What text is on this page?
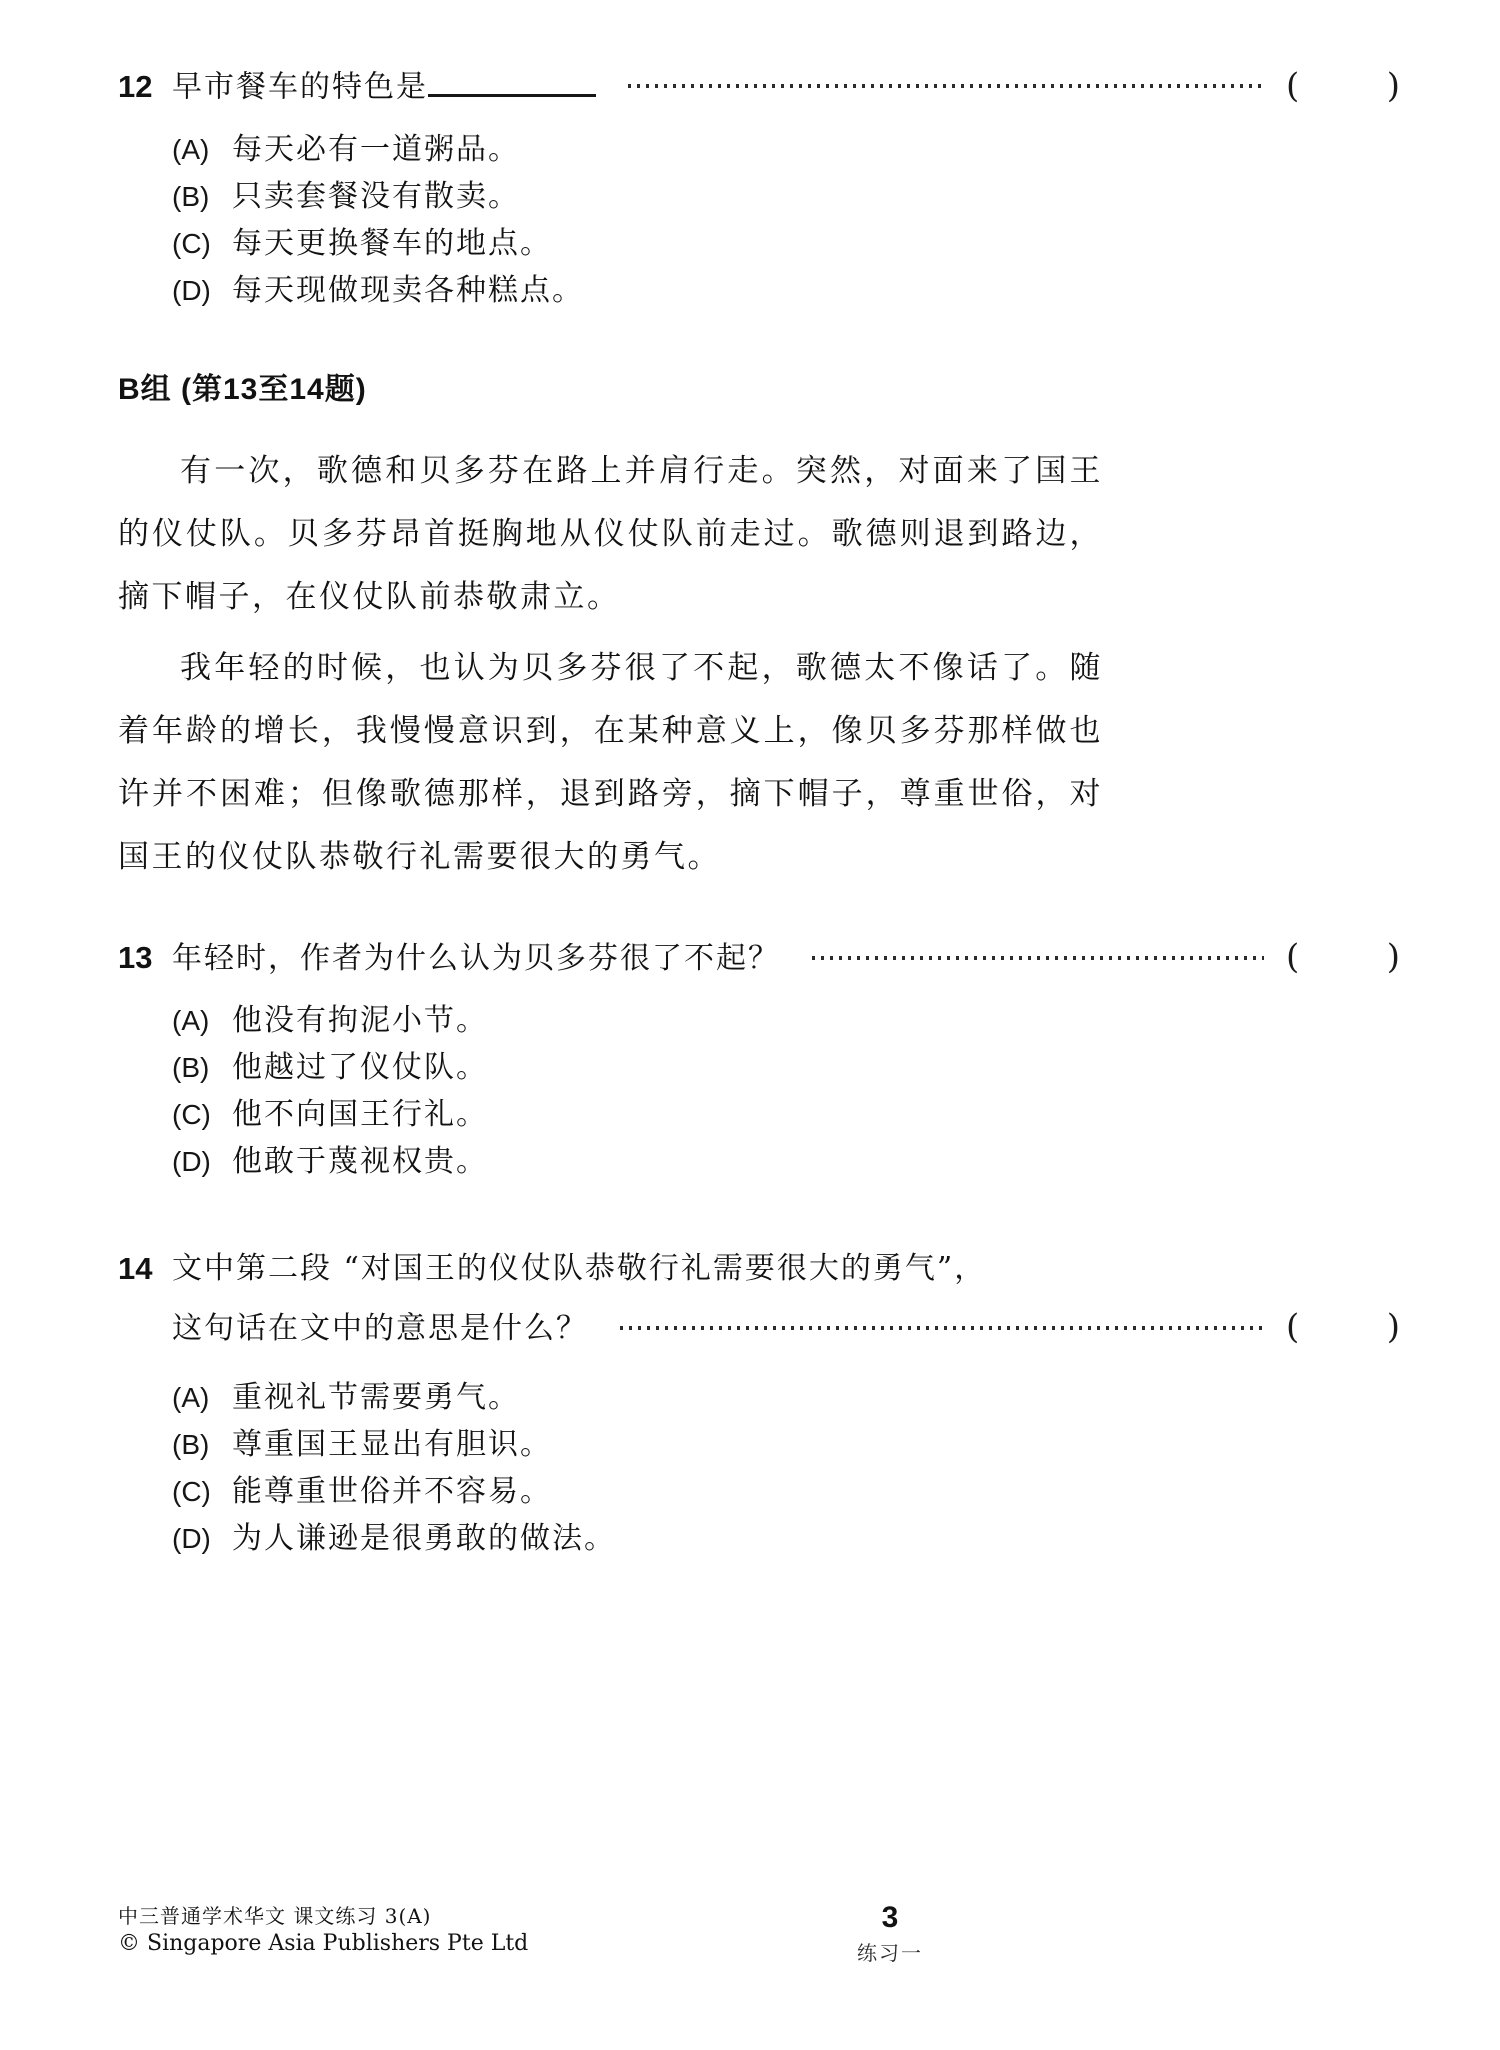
12 早市餐车的特色是	(	)
(A) 每天必有一道粥品。
(B) 只卖套餐没有散卖。
(C) 每天更换餐车的地点。
(D) 每天现做现卖各种糕点。
B组 (第13至14题)

有一次，歌德和贝多芬在路上并肩行走。突然，对面来了国王的仪仗队。贝多芬昂首挺胸地从仪仗队前走过。歌德则退到路边，摘下帽子，在仪仗队前恭敬肃立。

我年轻的时候，也认为贝多芬很了不起，歌德太不像话了。随着年龄的增长，我慢慢意识到，在某种意义上，像贝多芬那样做也许并不困难；但像歌德那样，退到路旁，摘下帽子，尊重世俗，对国王的仪仗队恭敬行礼需要很大的勇气。

13 年轻时，作者为什么认为贝多芬很了不起？	(	)
(A) 他没有拘泥小节。
(B) 他越过了仪仗队。
(C) 他不向国王行礼。
(D) 他敢于蔑视权贵。
14 文中第二段 “对国王的仪仗队恭敬行礼需要很大的勇气”，
这句话在文中的意思是什么？	(	)
(A) 重视礼节需要勇气。
(B) 尊重国王显出有胆识。
(C) 能尊重世俗并不容易。
(D) 为人谦逊是很勇敢的做法。
中三普通学术华文 课文练习 3(A)
© Singapore Asia Publishers Pte Ltd
3
练习一
